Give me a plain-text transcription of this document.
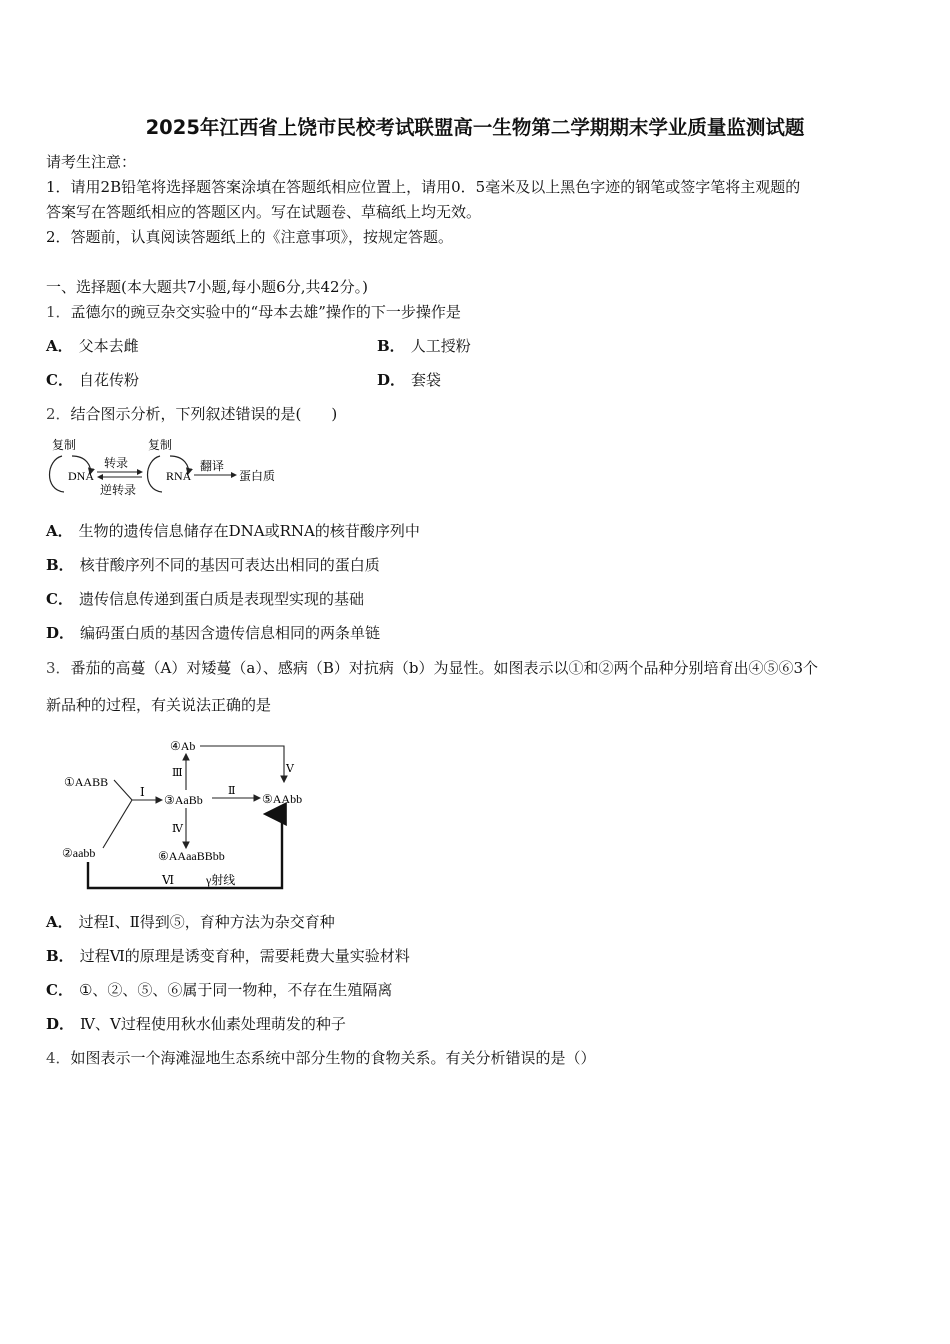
2025年江西省上饶市民校考试联盟高一生物第二学期期末学业质量监测试题
请考生注意：
1．请用2B铅笔将选择题答案涂填在答题纸相应位置上，请用0．5毫米及以上黑色字迹的钢笔或签字笔将主观题的
答案写在答题纸相应的答题区内。写在试题卷、草稿纸上均无效。
2．答题前，认真阅读答题纸上的《注意事项》，按规定答题。
一、选择题(本大题共7小题,每小题6分,共42分。)
1．孟德尔的豌豆杂交实验中的“母本去雄”操作的下一步操作是
A． 父本去雌	B． 人工授粉
C． 自花传粉	D． 套袋
2．结合图示分析，下列叙述错误的是(　　)
复制
DNA
转录
逆转录
复制
RNA
翻译
蛋白质
A． 生物的遗传信息储存在DNA或RNA的核苷酸序列中
B． 核苷酸序列不同的基因可表达出相同的蛋白质
C． 遗传信息传递到蛋白质是表现型实现的基础
D． 编码蛋白质的基因含遗传信息相同的两条单链
3．番茄的高蔓（A）对矮蔓（a）、感病（B）对抗病（b）为显性。如图表示以①和②两个品种分别培育出④⑤⑥3个
新品种的过程，有关说法正确的是
①AABB
②aabb
Ⅰ
③AaBb
Ⅲ
④Ab
Ⅴ
Ⅱ
⑤AAbb
Ⅳ
⑥AAaaBBbb
Ⅵ	γ射线
A． 过程Ⅰ、Ⅱ得到⑤，育种方法为杂交育种
B． 过程Ⅵ的原理是诱变育种，需要耗费大量实验材料
C． ①、②、⑤、⑥属于同一物种，不存在生殖隔离
D． Ⅳ、Ⅴ过程使用秋水仙素处理萌发的种子
4．如图表示一个海滩湿地生态系统中部分生物的食物关系。有关分析错误的是（）
